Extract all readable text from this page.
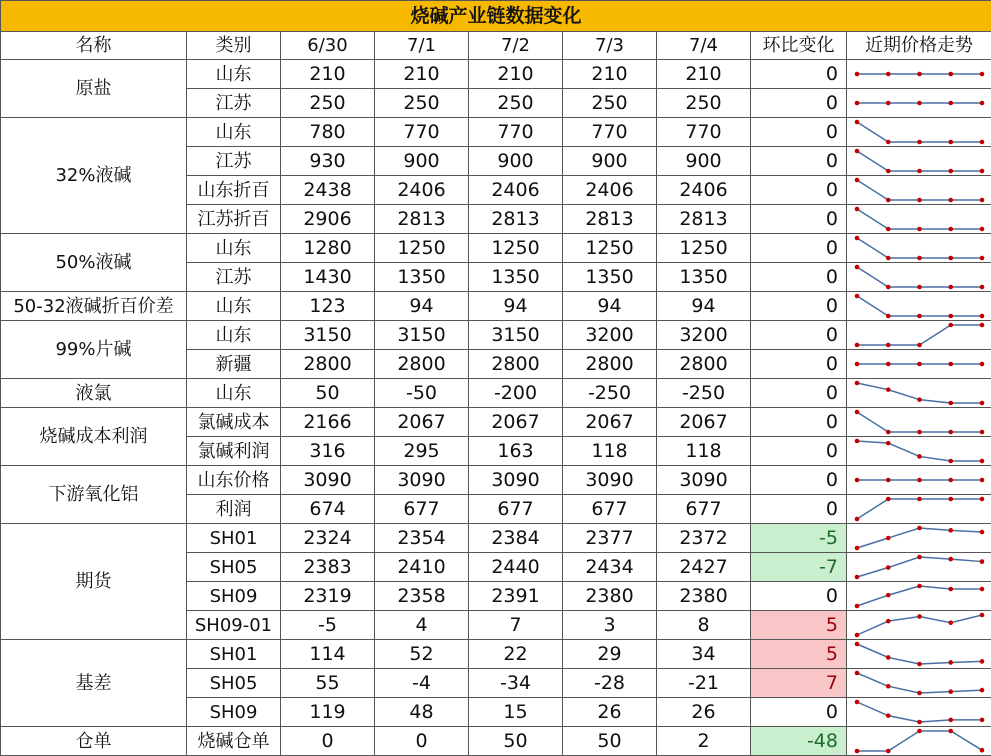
烧碱产业链数据变化								
名称	类别	6/30	7/1	7/2	7/3	7/4	环比变化	近期价格走势
原盐	山东	210	210	210	210	210	0	

	江苏	250	250	250	250	250	0	

32%液碱	山东	780	770	770	770	770	0	

	江苏	930	900	900	900	900	0	

	山东折百	2438	2406	2406	2406	2406	0	

	江苏折百	2906	2813	2813	2813	2813	0	

50%液碱	山东	1280	1250	1250	1250	1250	0	

	江苏	1430	1350	1350	1350	1350	0	

50-32液碱折百价差	山东	123	94	94	94	94	0	

99%片碱	山东	3150	3150	3150	3200	3200	0	

	新疆	2800	2800	2800	2800	2800	0	

液氯	山东	50	-50	-200	-250	-250	0	

烧碱成本利润	氯碱成本	2166	2067	2067	2067	2067	0	

	氯碱利润	316	295	163	118	118	0	

下游氧化铝	山东价格	3090	3090	3090	3090	3090	0	

	利润	674	677	677	677	677	0	

期货	SH01	2324	2354	2384	2377	2372	-5	

	SH05	2383	2410	2440	2434	2427	-7	

	SH09	2319	2358	2391	2380	2380	0	

	SH09-01	-5	4	7	3	8	5	

基差	SH01	114	52	22	29	34	5	

	SH05	55	-4	-34	-28	-21	7	

	SH09	119	48	15	26	26	0	

仓单	烧碱仓单	0	0	50	50	2	-48	
